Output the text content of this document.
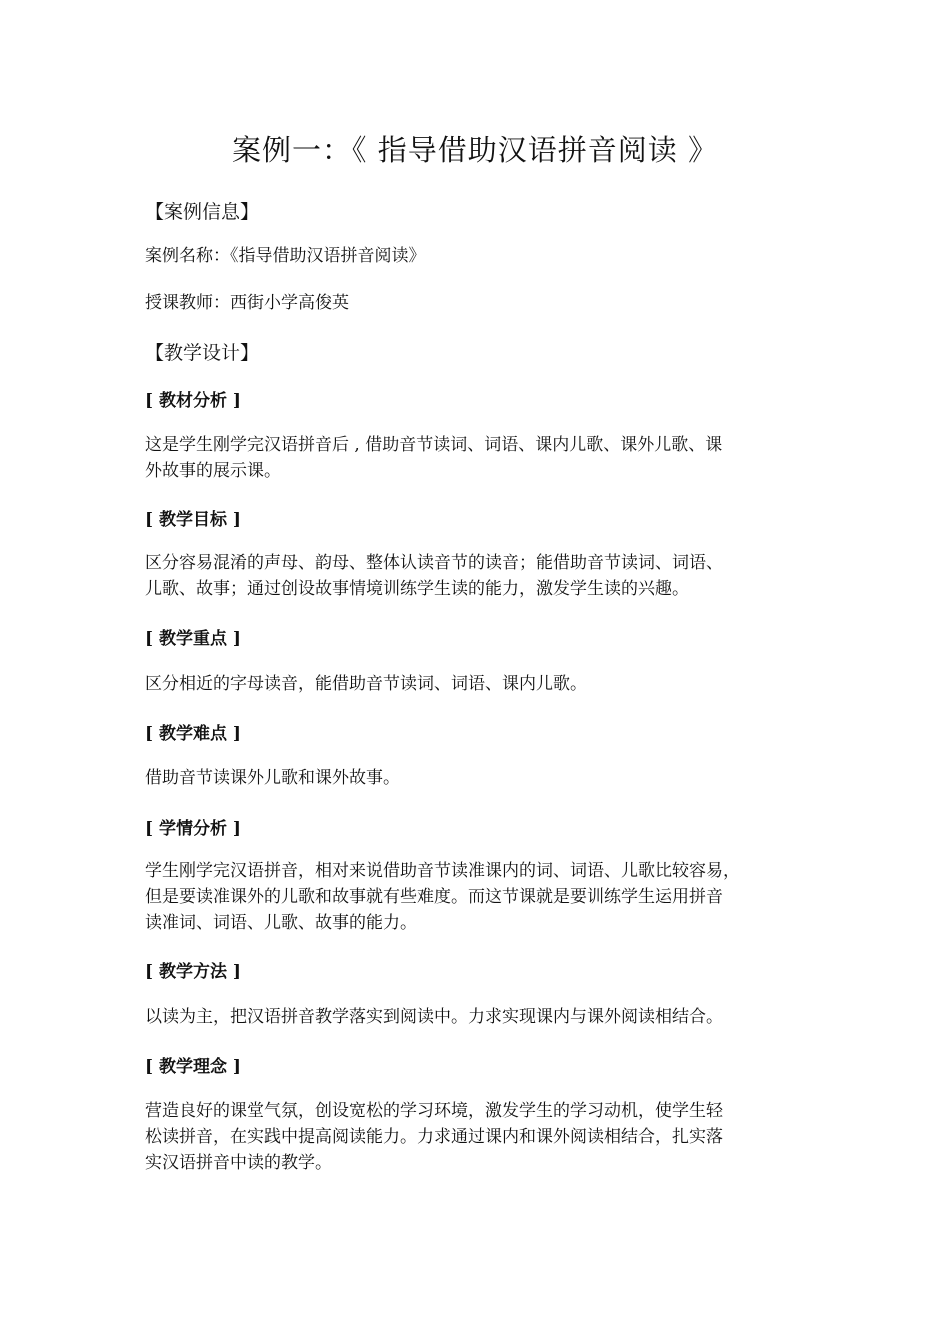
案例一：《 指导借助汉语拼音阅读 》
【案例信息】
案例名称：《指导借助汉语拼音阅读》
授课教师：西街小学高俊英
【教学设计】
[ 教材分析 ]
这是学生刚学完汉语拼音后 , 借助音节读词、词语、课内儿歌、课外儿歌、课
外故事的展示课。
[ 教学目标 ]
区分容易混淆的声母、韵母、整体认读音节的读音；能借助音节读词、词语、
儿歌、故事；通过创设故事情境训练学生读的能力，激发学生读的兴趣。
[ 教学重点 ]
区分相近的字母读音，能借助音节读词、词语、课内儿歌。
[ 教学难点 ]
借助音节读课外儿歌和课外故事。
[ 学情分析 ]
学生刚学完汉语拼音，相对来说借助音节读准课内的词、词语、儿歌比较容易，
但是要读准课外的儿歌和故事就有些难度。而这节课就是要训练学生运用拼音
读准词、词语、儿歌、故事的能力。
[ 教学方法 ]
以读为主，把汉语拼音教学落实到阅读中。力求实现课内与课外阅读相结合。
[ 教学理念 ]
营造良好的课堂气氛，创设宽松的学习环境，激发学生的学习动机，使学生轻
松读拼音，在实践中提高阅读能力。力求通过课内和课外阅读相结合，扎实落
实汉语拼音中读的教学。
